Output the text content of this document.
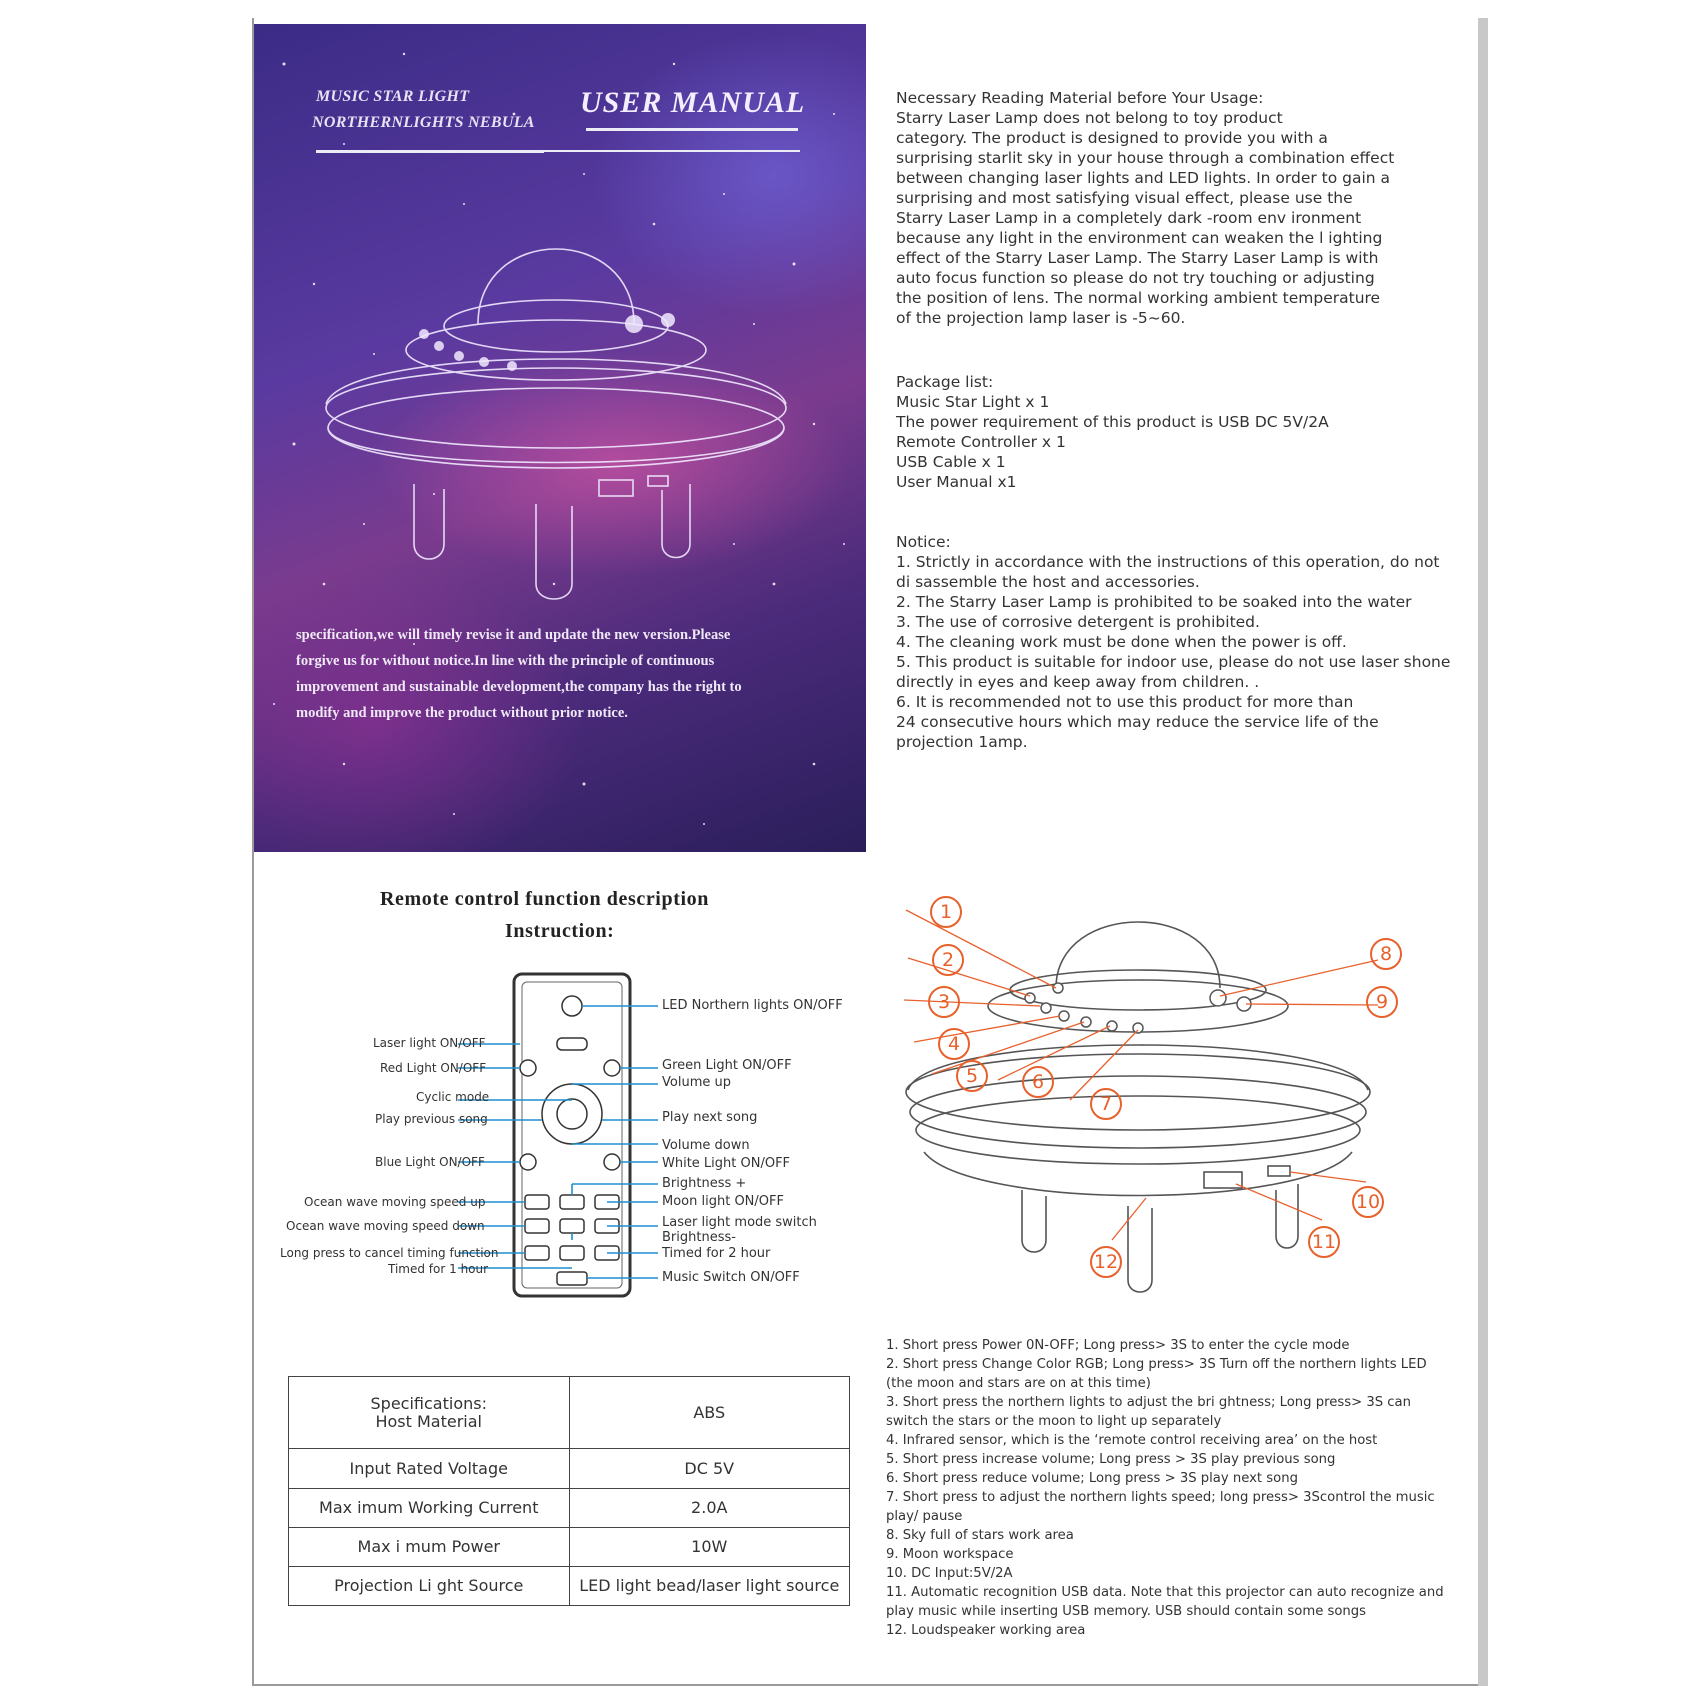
MUSIC STAR LIGHT
NORTHERNLIGHTS NEBULA
USER MANUAL
specification,we will timely revise it and update the new version.Please
forgive us for without notice.In line with the principle of continuous
improvement and sustainable development,the company has the right to
modify and improve the product without prior notice.
Necessary Reading Material before Your Usage:
Starry Laser Lamp does not belong to toy product
category. The product is designed to provide you with a
surprising starlit sky in your house through a combination effect
between changing laser lights and LED lights. In order to gain a
surprising and most satisfying visual effect, please use the
Starry Laser Lamp in a completely dark -room env ironment
because any light in the environment can weaken the l ighting
effect of the Starry Laser Lamp. The Starry Laser Lamp is with
auto focus function so please do not try touching or adjusting
the position of lens. The normal working ambient temperature
of the projection lamp laser is -5~60.
Package list:
Music Star Light x 1
The power requirement of this product is USB DC 5V/2A
Remote Controller x 1
USB Cable x 1
User Manual x1
Notice:
1. Strictly in accordance with the instructions of this operation, do not
di sassemble the host and accessories.
2. The Starry Laser Lamp is prohibited to be soaked into the water
3. The use of corrosive detergent is prohibited.
4. The cleaning work must be done when the power is off.
5. This product is suitable for indoor use, please do not use laser shone
directly in eyes and keep away from children. .
6. It is recommended not to use this product for more than
24 consecutive hours which may reduce the service life of the
projection 1amp.
Remote control function description
Instruction:
LED Northern lights ON/OFF
Laser light ON/OFF
Red Light ON/OFF	Green Light ON/OFF
Volume up
Cyclic mode
Play previous song	Play next song
Volume down
Blue Light ON/OFF	White Light ON/OFF
Brightness +
Ocean wave moving speed up	Moon light ON/OFF
Ocean wave moving speed down	Laser light mode switch
Brightness-
Long press to cancel timing function	Timed for 2 hour
Timed for 1 hour
Music Switch ON/OFF
Specifications:
Host Material	ABS
Input Rated Voltage	DC 5V
Max imum Working Current	2.0A
Max i mum Power	10W
Projection Li ght Source	LED light bead/laser light source
1
2
3
4
5	6
7
8
9
10
11
12
1. Short press Power 0N-OFF; Long press> 3S to enter the cycle mode
2. Short press Change Color RGB; Long press> 3S Turn off the northern lights LED
(the moon and stars are on at this time)
3. Short press the northern lights to adjust the bri ghtness; Long press> 3S can
switch the stars or the moon to light up separately
4. Infrared sensor, which is the ‘remote control receiving area’ on the host
5. Short press increase volume; Long press > 3S play previous song
6. Short press reduce volume; Long press > 3S play next song
7. Short press to adjust the northern lights speed; long press> 3Scontrol the music
play/ pause
8. Sky full of stars work area
9. Moon workspace
10. DC Input:5V/2A
11. Automatic recognition USB data. Note that this projector can auto recognize and
play music while inserting USB memory. USB should contain some songs
12. Loudspeaker working area
